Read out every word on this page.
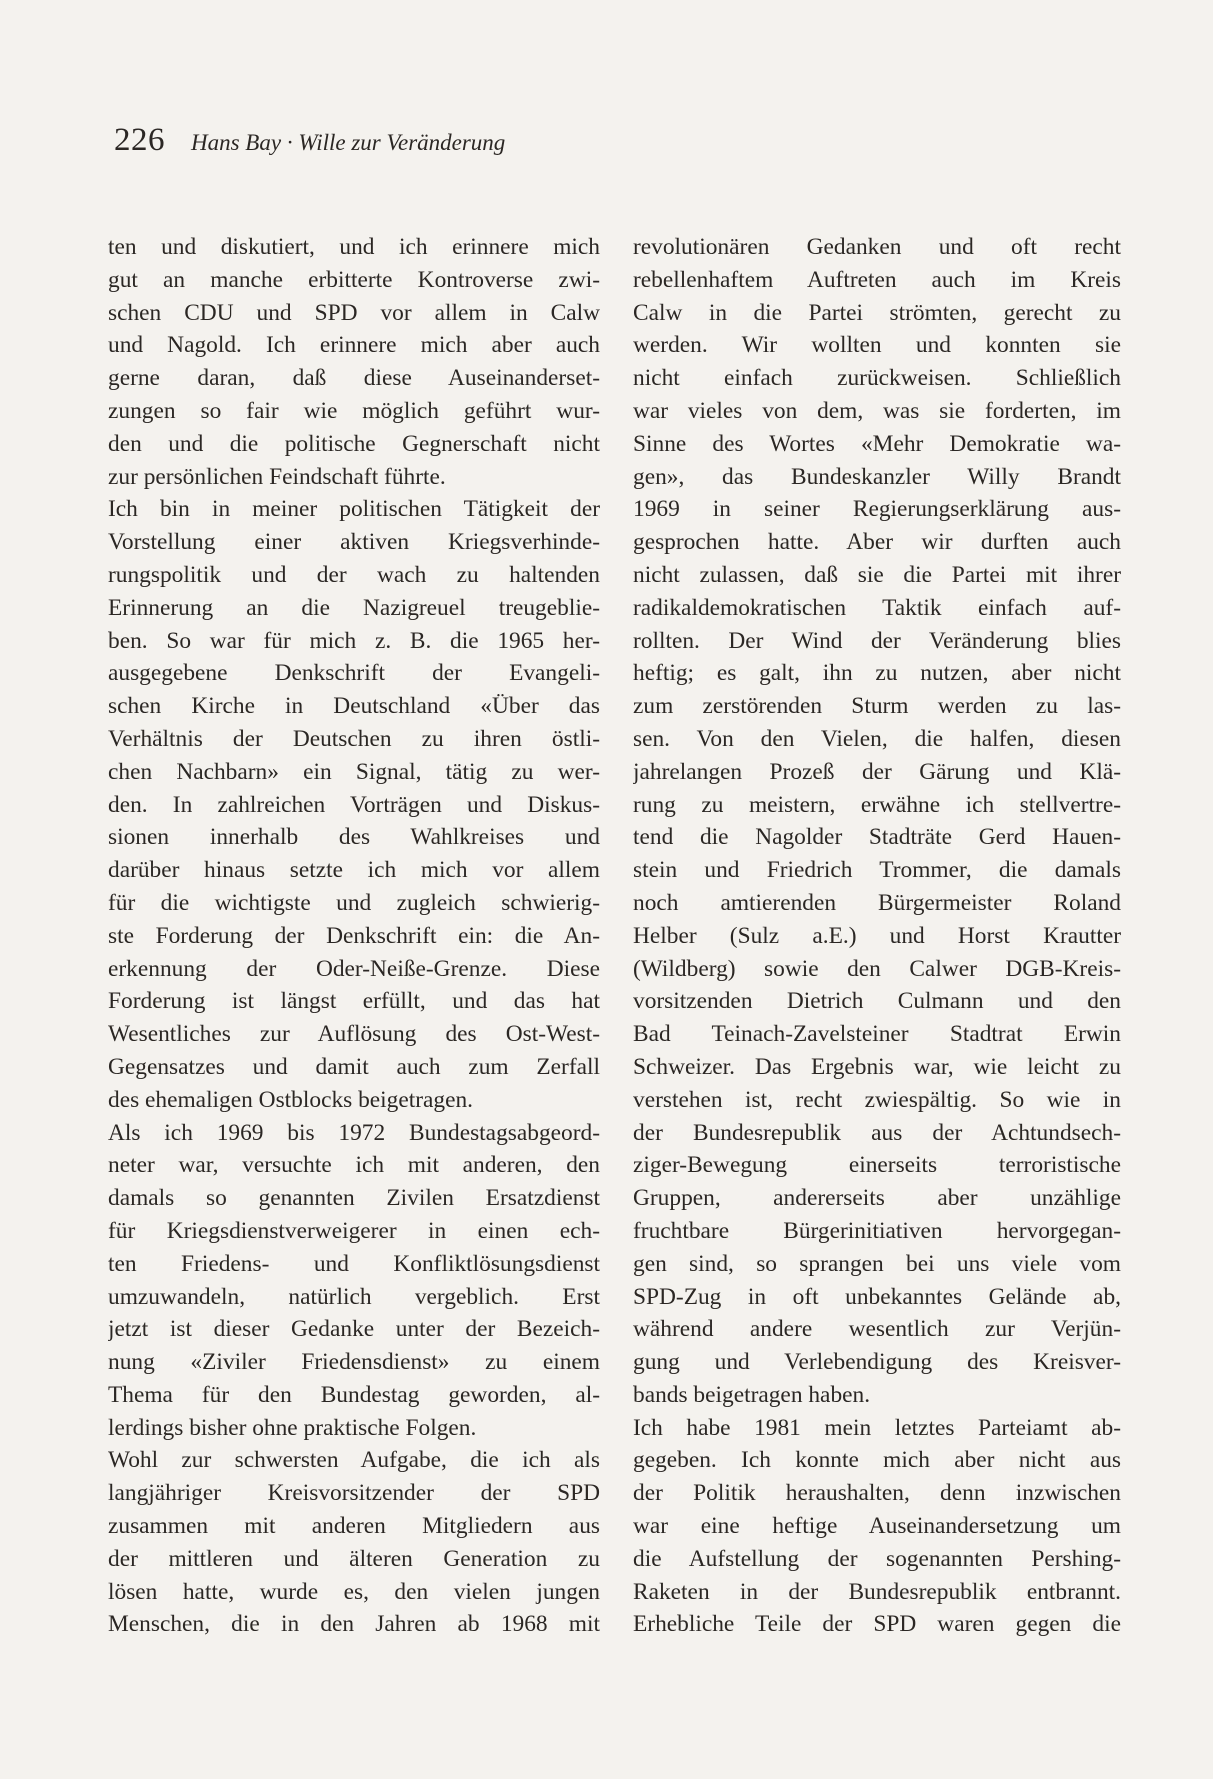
226 Hans Bay · Wille zur Veränderung
ten und diskutiert, und ich erinnere mich
gut an manche erbitterte Kontroverse zwi-
schen CDU und SPD vor allem in Calw
und Nagold. Ich erinnere mich aber auch
gerne daran, daß diese Auseinanderset-
zungen so fair wie möglich geführt wur-
den und die politische Gegnerschaft nicht
zur persönlichen Feindschaft führte.
Ich bin in meiner politischen Tätigkeit der
Vorstellung einer aktiven Kriegsverhinde-
rungspolitik und der wach zu haltenden
Erinnerung an die Nazigreuel treugeblie-
ben. So war für mich z. B. die 1965 her-
ausgegebene Denkschrift der Evangeli-
schen Kirche in Deutschland «Über das
Verhältnis der Deutschen zu ihren östli-
chen Nachbarn» ein Signal, tätig zu wer-
den. In zahlreichen Vorträgen und Diskus-
sionen innerhalb des Wahlkreises und
darüber hinaus setzte ich mich vor allem
für die wichtigste und zugleich schwierig-
ste Forderung der Denkschrift ein: die An-
erkennung der Oder-Neiße-Grenze. Diese
Forderung ist längst erfüllt, und das hat
Wesentliches zur Auflösung des Ost-West-
Gegensatzes und damit auch zum Zerfall
des ehemaligen Ostblocks beigetragen.
Als ich 1969 bis 1972 Bundestagsabgeord-
neter war, versuchte ich mit anderen, den
damals so genannten Zivilen Ersatzdienst
für Kriegsdienstverweigerer in einen ech-
ten Friedens- und Konfliktlösungsdienst
umzuwandeln, natürlich vergeblich. Erst
jetzt ist dieser Gedanke unter der Bezeich-
nung «Ziviler Friedensdienst» zu einem
Thema für den Bundestag geworden, al-
lerdings bisher ohne praktische Folgen.
Wohl zur schwersten Aufgabe, die ich als
langjähriger Kreisvorsitzender der SPD
zusammen mit anderen Mitgliedern aus
der mittleren und älteren Generation zu
lösen hatte, wurde es, den vielen jungen
Menschen, die in den Jahren ab 1968 mit
revolutionären Gedanken und oft recht
rebellenhaftem Auftreten auch im Kreis
Calw in die Partei strömten, gerecht zu
werden. Wir wollten und konnten sie
nicht einfach zurückweisen. Schließlich
war vieles von dem, was sie forderten, im
Sinne des Wortes «Mehr Demokratie wa-
gen», das Bundeskanzler Willy Brandt
1969 in seiner Regierungserklärung aus-
gesprochen hatte. Aber wir durften auch
nicht zulassen, daß sie die Partei mit ihrer
radikaldemokratischen Taktik einfach auf-
rollten. Der Wind der Veränderung blies
heftig; es galt, ihn zu nutzen, aber nicht
zum zerstörenden Sturm werden zu las-
sen. Von den Vielen, die halfen, diesen
jahrelangen Prozeß der Gärung und Klä-
rung zu meistern, erwähne ich stellvertre-
tend die Nagolder Stadträte Gerd Hauen-
stein und Friedrich Trommer, die damals
noch amtierenden Bürgermeister Roland
Helber (Sulz a.E.) und Horst Krautter
(Wildberg) sowie den Calwer DGB-Kreis-
vorsitzenden Dietrich Culmann und den
Bad Teinach-Zavelsteiner Stadtrat Erwin
Schweizer. Das Ergebnis war, wie leicht zu
verstehen ist, recht zwiespältig. So wie in
der Bundesrepublik aus der Achtundsech-
ziger-Bewegung einerseits terroristische
Gruppen, andererseits aber unzählige
fruchtbare Bürgerinitiativen hervorgegan-
gen sind, so sprangen bei uns viele vom
SPD-Zug in oft unbekanntes Gelände ab,
während andere wesentlich zur Verjün-
gung und Verlebendigung des Kreisver-
bands beigetragen haben.
Ich habe 1981 mein letztes Parteiamt ab-
gegeben. Ich konnte mich aber nicht aus
der Politik heraushalten, denn inzwischen
war eine heftige Auseinandersetzung um
die Aufstellung der sogenannten Pershing-
Raketen in der Bundesrepublik entbrannt.
Erhebliche Teile der SPD waren gegen die
